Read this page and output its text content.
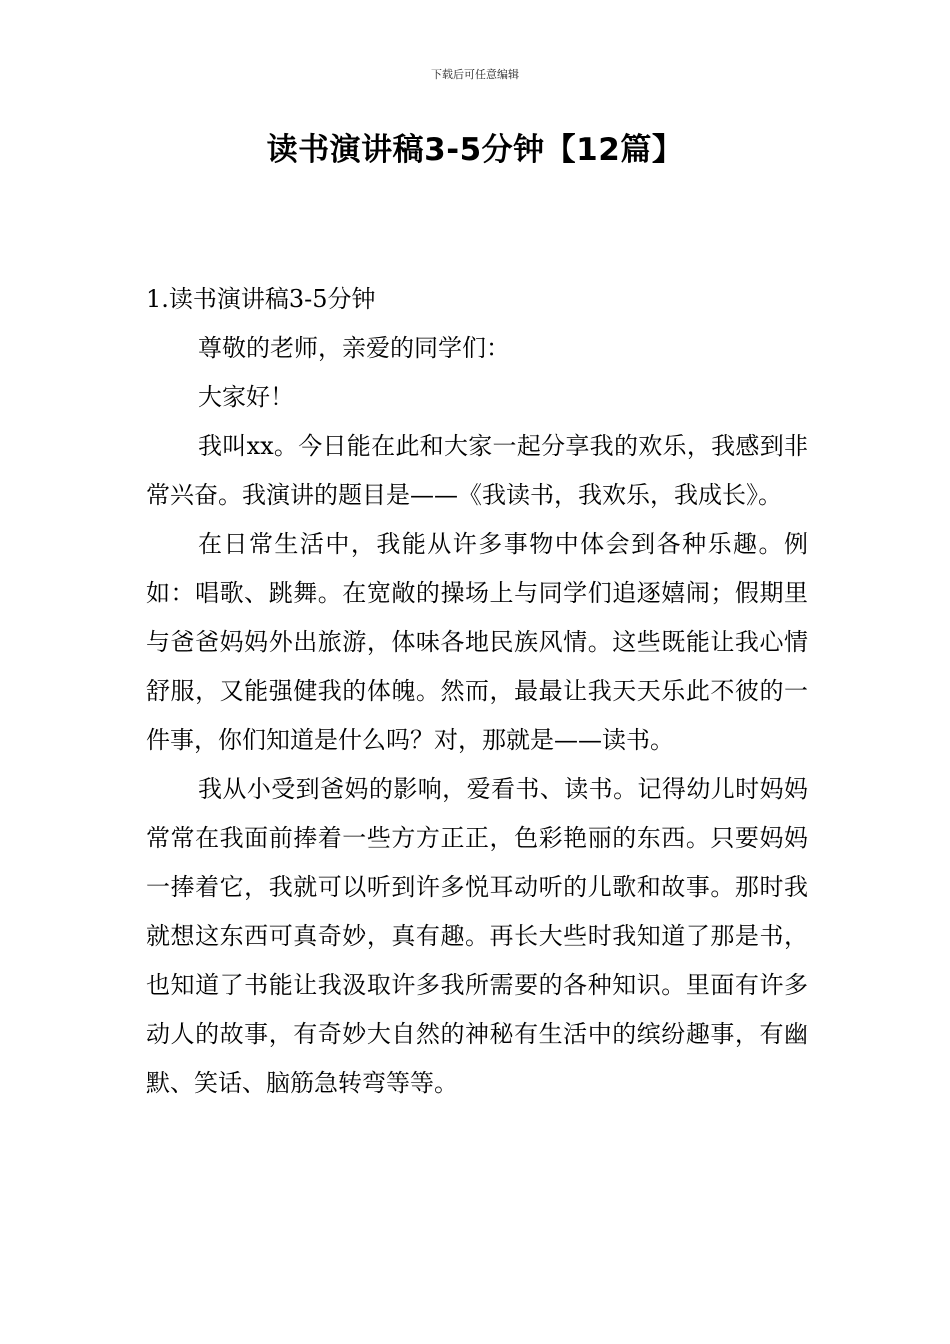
下载后可任意编辑
读书演讲稿3-5分钟【12篇】

1.读书演讲稿3-5分钟

尊敬的老师，亲爱的同学们：

大家好！

我叫xx。今日能在此和大家一起分享我的欢乐，我感到非常兴奋。我演讲的题目是——《我读书，我欢乐，我成长》。

在日常生活中，我能从许多事物中体会到各种乐趣。例如：唱歌、跳舞。在宽敞的操场上与同学们追逐嬉闹；假期里与爸爸妈妈外出旅游，体味各地民族风情。这些既能让我心情舒服，又能强健我的体魄。然而，最最让我天天乐此不彼的一件事，你们知道是什么吗？对，那就是——读书。

我从小受到爸妈的影响，爱看书、读书。记得幼儿时妈妈常常在我面前捧着一些方方正正，色彩艳丽的东西。只要妈妈一捧着它，我就可以听到许多悦耳动听的儿歌和故事。那时我就想这东西可真奇妙，真有趣。再长大些时我知道了那是书，也知道了书能让我汲取许多我所需要的各种知识。里面有许多动人的故事，有奇妙大自然的神秘有生活中的缤纷趣事，有幽默、笑话、脑筋急转弯等等。
